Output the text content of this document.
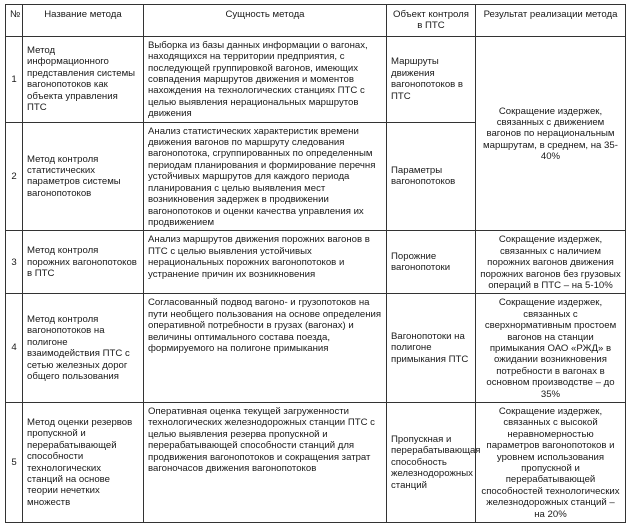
№	Название метода	Сущность метода	Объект контроля в ПТС	Результат реализации метода
1	Метод информационного представления системы вагонопотоков как объекта управления ПТС	Выборка из базы данных информации о вагонах, находящихся на территории предприятия, с последующей группировкой вагонов, имеющих совпадения маршрутов движения и моментов нахождения на технологических станциях ПТС с целью выявления нерациональных маршрутов движения	Маршруты движения вагонопотоков в ПТС	Сокращение издержек, связанных с движением вагонов по нерациональным маршрутам, в среднем, на 35-40%
2	Метод контроля статистических параметров системы вагонопотоков	Анализ статистических характеристик времени движения вагонов по маршруту следования вагонопотока, сгруппированных по определенным периодам планирования и формирование перечня устойчивых маршрутов для каждого периода планирования с целью выявления мест возникновения задержек в продвижении вагонопотоков и оценки качества управления их продвижением	Параметры вагонопотоков	
3	Метод контроля порожних вагонопотоков в ПТС	Анализ маршрутов движения порожних вагонов в ПТС с целью выявления устойчивых нерациональных порожних вагонопотоков и устранение причин их возникновения	Порожние вагонопотоки	Сокращение издержек, связанных с наличием порожних вагонов движения порожних вагонов без грузовых операций в ПТС – на 5-10%
4	Метод контроля вагонопотоков на полигоне взаимодействия ПТС с сетью железных дорог общего пользования	Согласованный подвод вагоно- и грузопотоков на пути необщего пользования на основе определения оперативной потребности в грузах (вагонах) и величины оптимального состава поезда, формируемого на полигоне примыкания	Вагонопотоки на полигоне примыкания ПТС	Сокращение издержек, связанных с сверхнормативным простоем вагонов на станции примыкания ОАО «РЖД» в ожидании возникновения потребности в вагонах в основном производстве – до 35%
5	Метод оценки резервов пропускной и перерабатывающей способности технологических станций на основе теории нечетких множеств	Оперативная оценка текущей загруженности технологических железнодорожных станции ПТС с целью выявления резерва пропускной и перерабатывающей способности станций для продвижения вагонопотоков и сокращения затрат вагоночасов движения вагонопотоков	Пропускная и перерабатывающая способность железнодорожных станций	Сокращение издержек, связанных с высокой неравномерностью параметров вагонопотоков и уровнем использования пропускной и перерабатывающей способностей технологических железнодорожных станций – на 20%
